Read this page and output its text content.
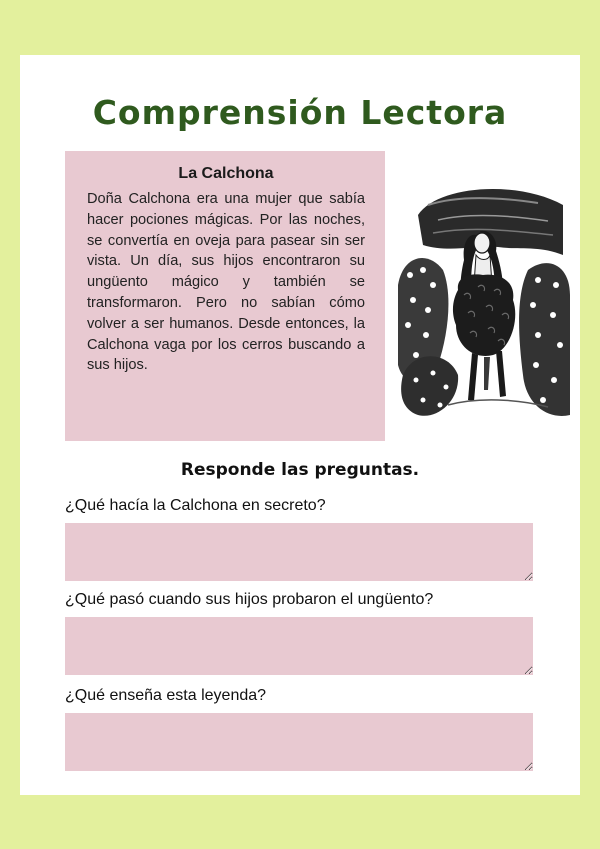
Comprensión Lectora

La Calchona

Doña Calchona era una mujer que sabía hacer pociones mágicas. Por las noches, se convertía en oveja para pasear sin ser vista. Un día, sus hijos encontraron su ungüento mágico y también se transformaron. Pero no sabían cómo volver a ser humanos. Desde entonces, la Calchona vaga por los cerros buscando a sus hijos.

Responde las preguntas.

¿Qué hacía la Calchona en secreto?

¿Qué pasó cuando sus hijos probaron el ungüento?

¿Qué enseña esta leyenda?
